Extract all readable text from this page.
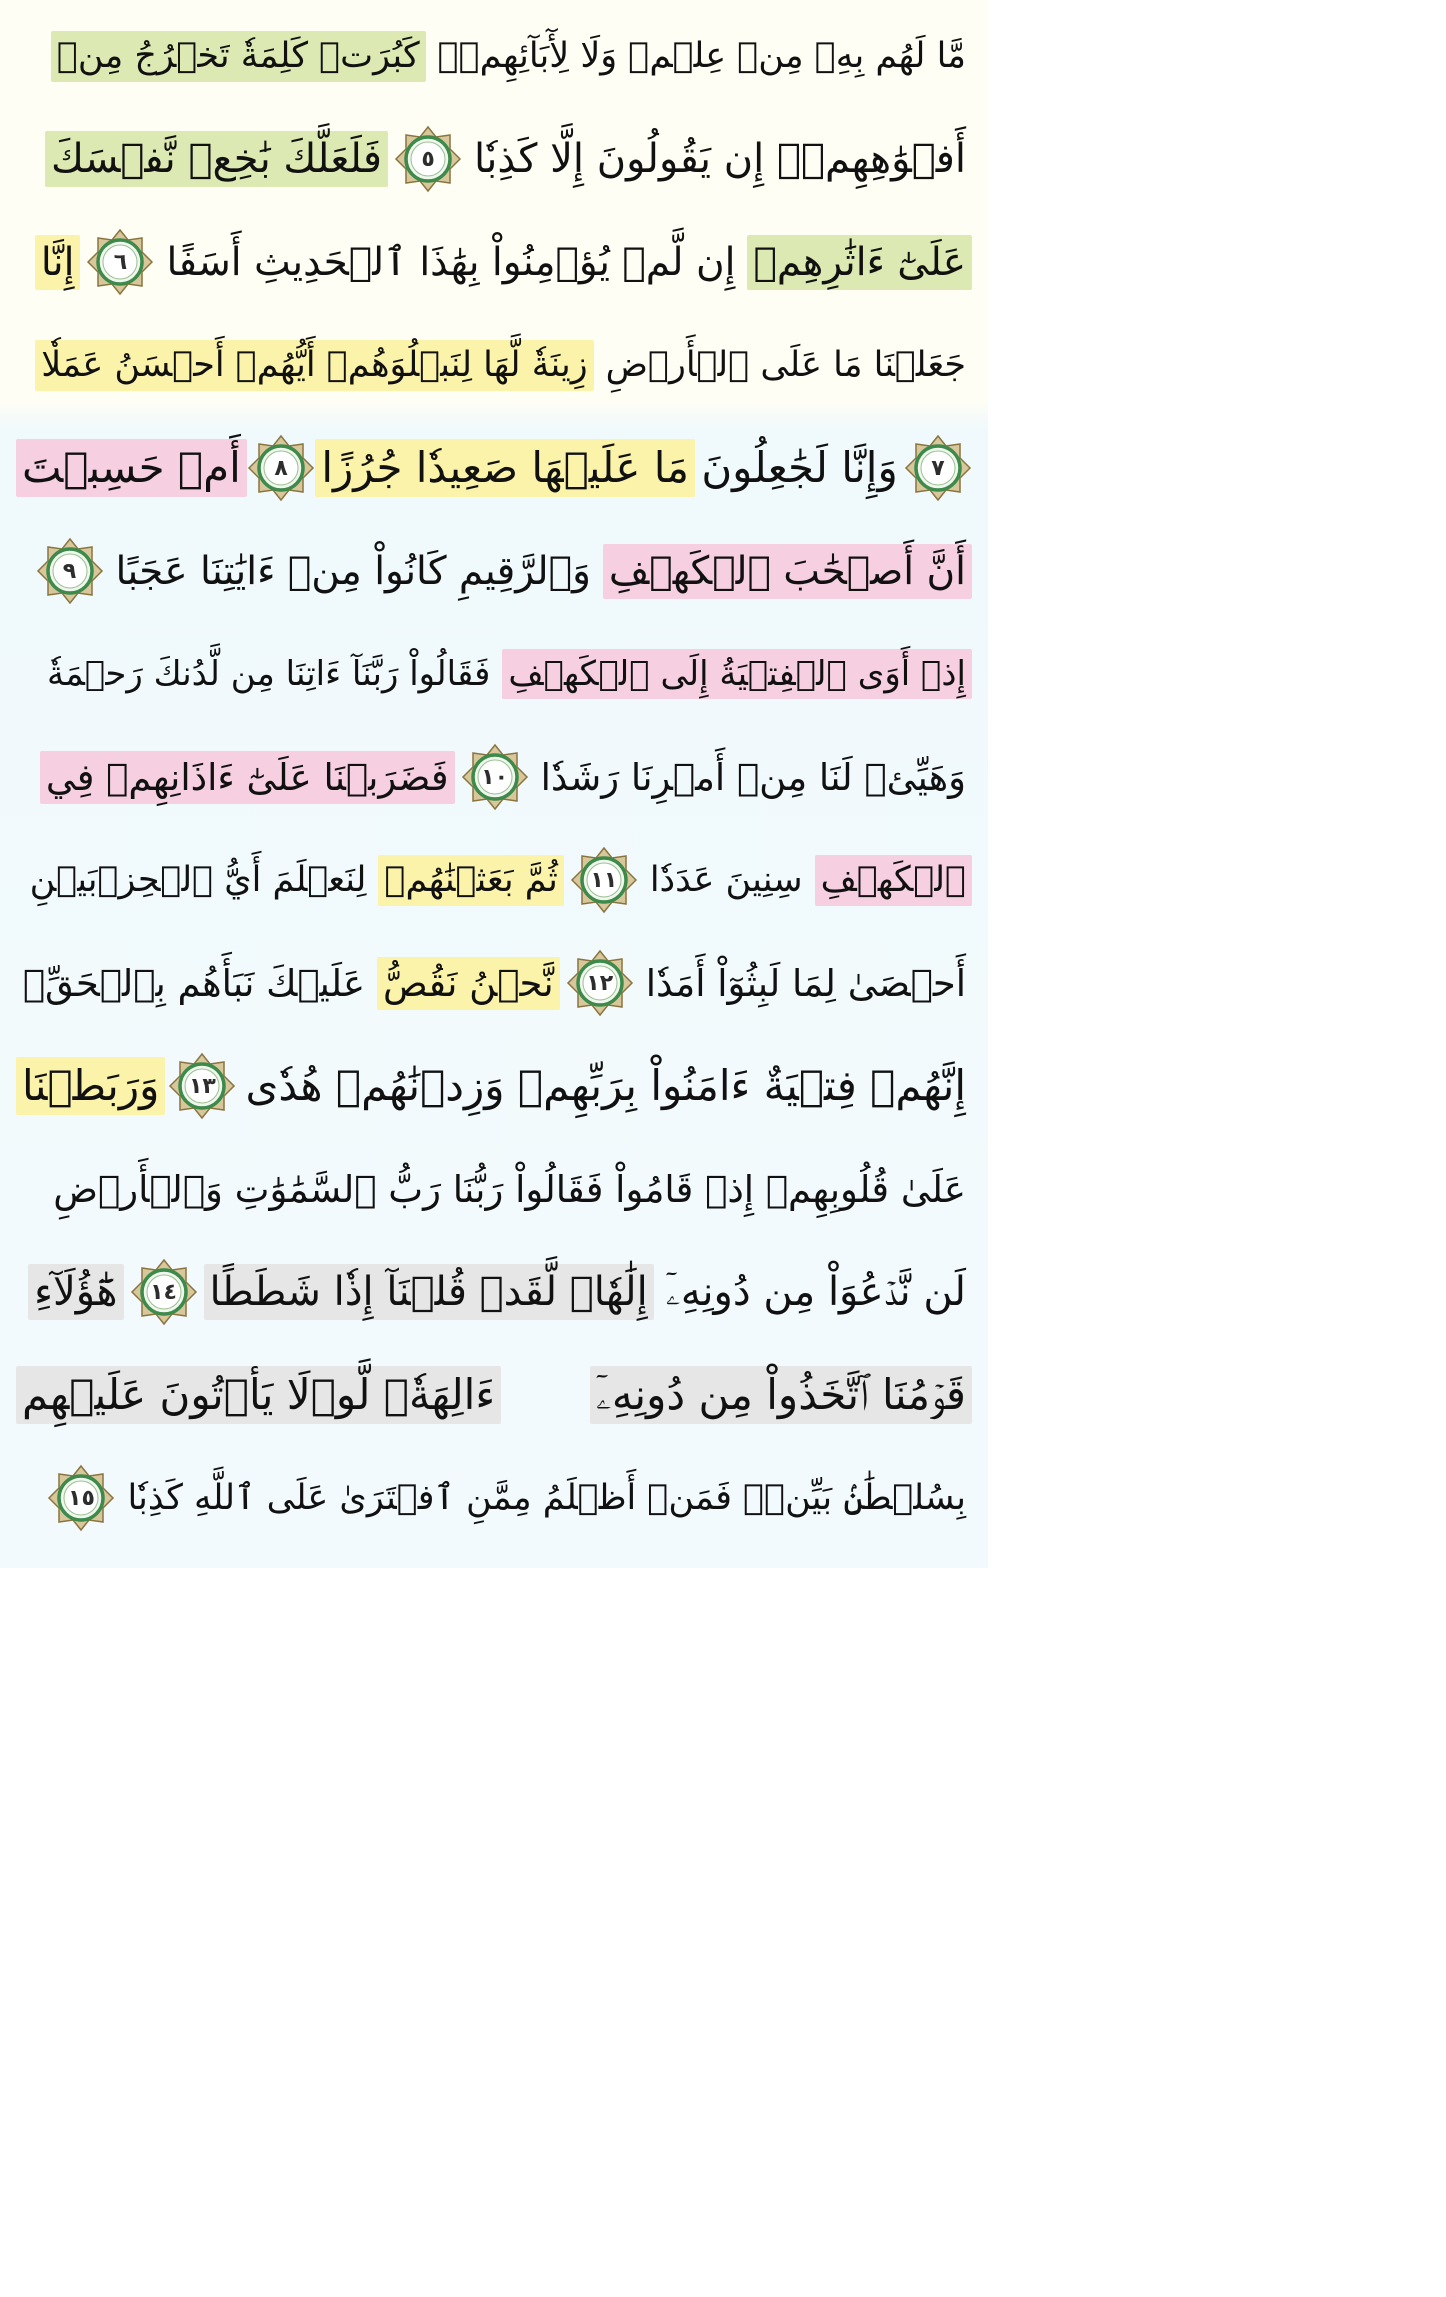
مَّا لَهُم بِهِۦ مِنۡ عِلۡمٖ وَلَا لِأٓبَآئِهِمۡۚ
كَبُرَتۡ كَلِمَةٗ تَخۡرُجُ مِنۡ
أَفۡوَٰهِهِمۡۚ إِن يَقُولُونَ إِلَّا كَذِبٗا
٥
فَلَعَلَّكَ بَٰخِعٞ نَّفۡسَكَ
عَلَىٰٓ ءَاثَٰرِهِمۡ
إِن لَّمۡ يُؤۡمِنُواْ بِهَٰذَا ٱلۡحَدِيثِ أَسَفًا
٦
إِنَّا
جَعَلۡنَا مَا عَلَى ٱلۡأَرۡضِ
زِينَةٗ لَّهَا لِنَبۡلُوَهُمۡ أَيُّهُمۡ أَحۡسَنُ عَمَلٗا
٧
وَإِنَّا لَجَٰعِلُونَ
مَا عَلَيۡهَا صَعِيدٗا جُرُزًا
٨
أَمۡ حَسِبۡتَ
أَنَّ أَصۡحَٰبَ ٱلۡكَهۡفِ
وَٱلرَّقِيمِ كَانُواْ مِنۡ ءَايَٰتِنَا عَجَبًا
٩
إِذۡ أَوَى ٱلۡفِتۡيَةُ إِلَى ٱلۡكَهۡفِ
فَقَالُواْ رَبَّنَآ ءَاتِنَا مِن لَّدُنكَ رَحۡمَةٗ
وَهَيِّئۡ لَنَا مِنۡ أَمۡرِنَا رَشَدٗا
١٠
فَضَرَبۡنَا عَلَىٰٓ ءَاذَانِهِمۡ فِي
ٱلۡكَهۡفِ
سِنِينَ عَدَدٗا
١١
ثُمَّ بَعَثۡنَٰهُمۡ
لِنَعۡلَمَ أَيُّ ٱلۡحِزۡبَيۡنِ
أَحۡصَىٰ لِمَا لَبِثُوٓاْ أَمَدٗا
١٢
نَّحۡنُ نَقُصُّ
عَلَيۡكَ نَبَأَهُم بِٱلۡحَقِّۚ
إِنَّهُمۡ فِتۡيَةٌ ءَامَنُواْ بِرَبِّهِمۡ وَزِدۡنَٰهُمۡ هُدٗى
١٣
وَرَبَطۡنَا
عَلَىٰ قُلُوبِهِمۡ إِذۡ قَامُواْ فَقَالُواْ رَبُّنَا رَبُّ ٱلسَّمَٰوَٰتِ وَٱلۡأَرۡضِ
لَن نَّدۡعُوَاْ مِن دُونِهِۦٓ
إِلَٰهٗاۖ لَّقَدۡ قُلۡنَآ إِذٗا شَطَطًا
١٤
هَٰٓؤُلَآءِ
قَوۡمُنَا ٱتَّخَذُواْ مِن دُونِهِۦٓ
ءَالِهَةٗۖ لَّوۡلَا يَأۡتُونَ عَلَيۡهِم
بِسُلۡطَٰنِۢ بَيِّنٖۖ فَمَنۡ أَظۡلَمُ مِمَّنِ ٱفۡتَرَىٰ عَلَى ٱللَّهِ كَذِبٗا
١٥
